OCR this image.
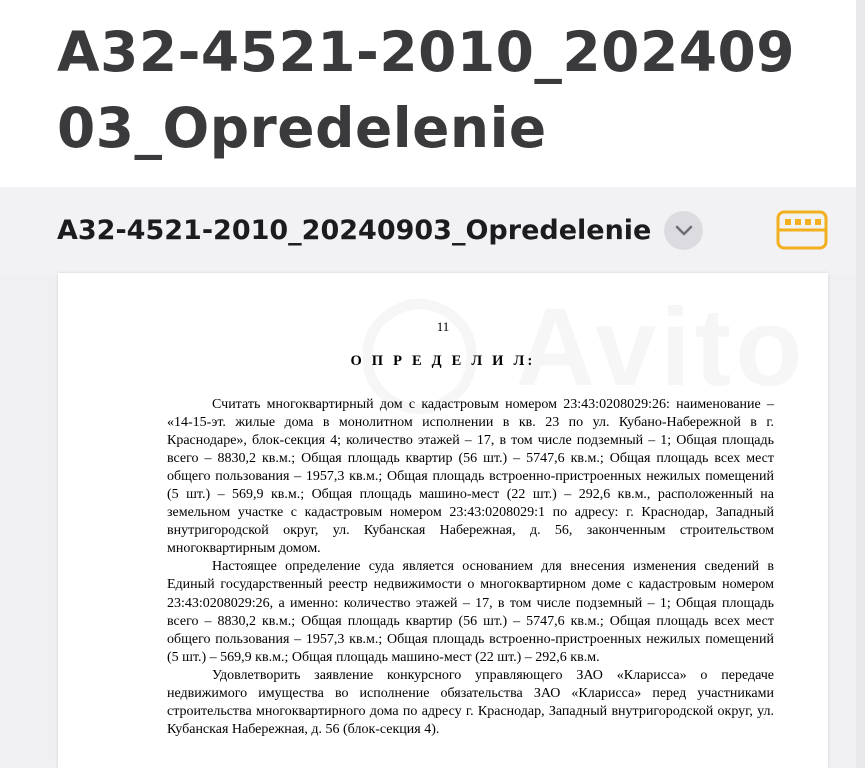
A32-4521-2010_20240903_Opredelenie
A32-4521-2010_20240903_Opredelenie
11
О П Р Е Д Е Л И Л:

Считать многоквартирный дом с кадастровым номером 23:43:0208029:26: наименование – «14-15-эт. жилые дома в монолитном исполнении в кв. 23 по ул. Кубано-Набережной в г. Краснодаре», блок-секция 4; количество этажей – 17, в том числе подземный – 1; Общая площадь всего – 8830,2 кв.м.; Общая площадь квартир (56 шт.) – 5747,6 кв.м.; Общая площадь всех мест общего пользования – 1957,3 кв.м.; Общая площадь встроенно-пристроенных нежилых помещений (5 шт.) – 569,9 кв.м.; Общая площадь машино-мест (22 шт.) – 292,6 кв.м., расположенный на земельном участке с кадастровым номером 23:43:0208029:1 по адресу: г. Краснодар, Западный внутригородской округ, ул. Кубанская Набережная, д. 56, законченным строительством многоквартирным домом.

Настоящее определение суда является основанием для внесения изменения сведений в Единый государственный реестр недвижимости о многоквартирном доме с кадастровым номером 23:43:0208029:26, а именно: количество этажей – 17, в том числе подземный – 1; Общая площадь всего – 8830,2 кв.м.; Общая площадь квартир (56 шт.) – 5747,6 кв.м.; Общая площадь всех мест общего пользования – 1957,3 кв.м.; Общая площадь встроенно-пристроенных нежилых помещений (5 шт.) – 569,9 кв.м.; Общая площадь машино-мест (22 шт.) – 292,6 кв.м.

Удовлетворить заявление конкурсного управляющего ЗАО «Кларисса» о передаче недвижимого имущества во исполнение обязательства ЗАО «Кларисса» перед участниками строительства многоквартирного дома по адресу г. Краснодар, Западный внутригородской округ, ул. Кубанская Набережная, д. 56 (блок-секция 4).
